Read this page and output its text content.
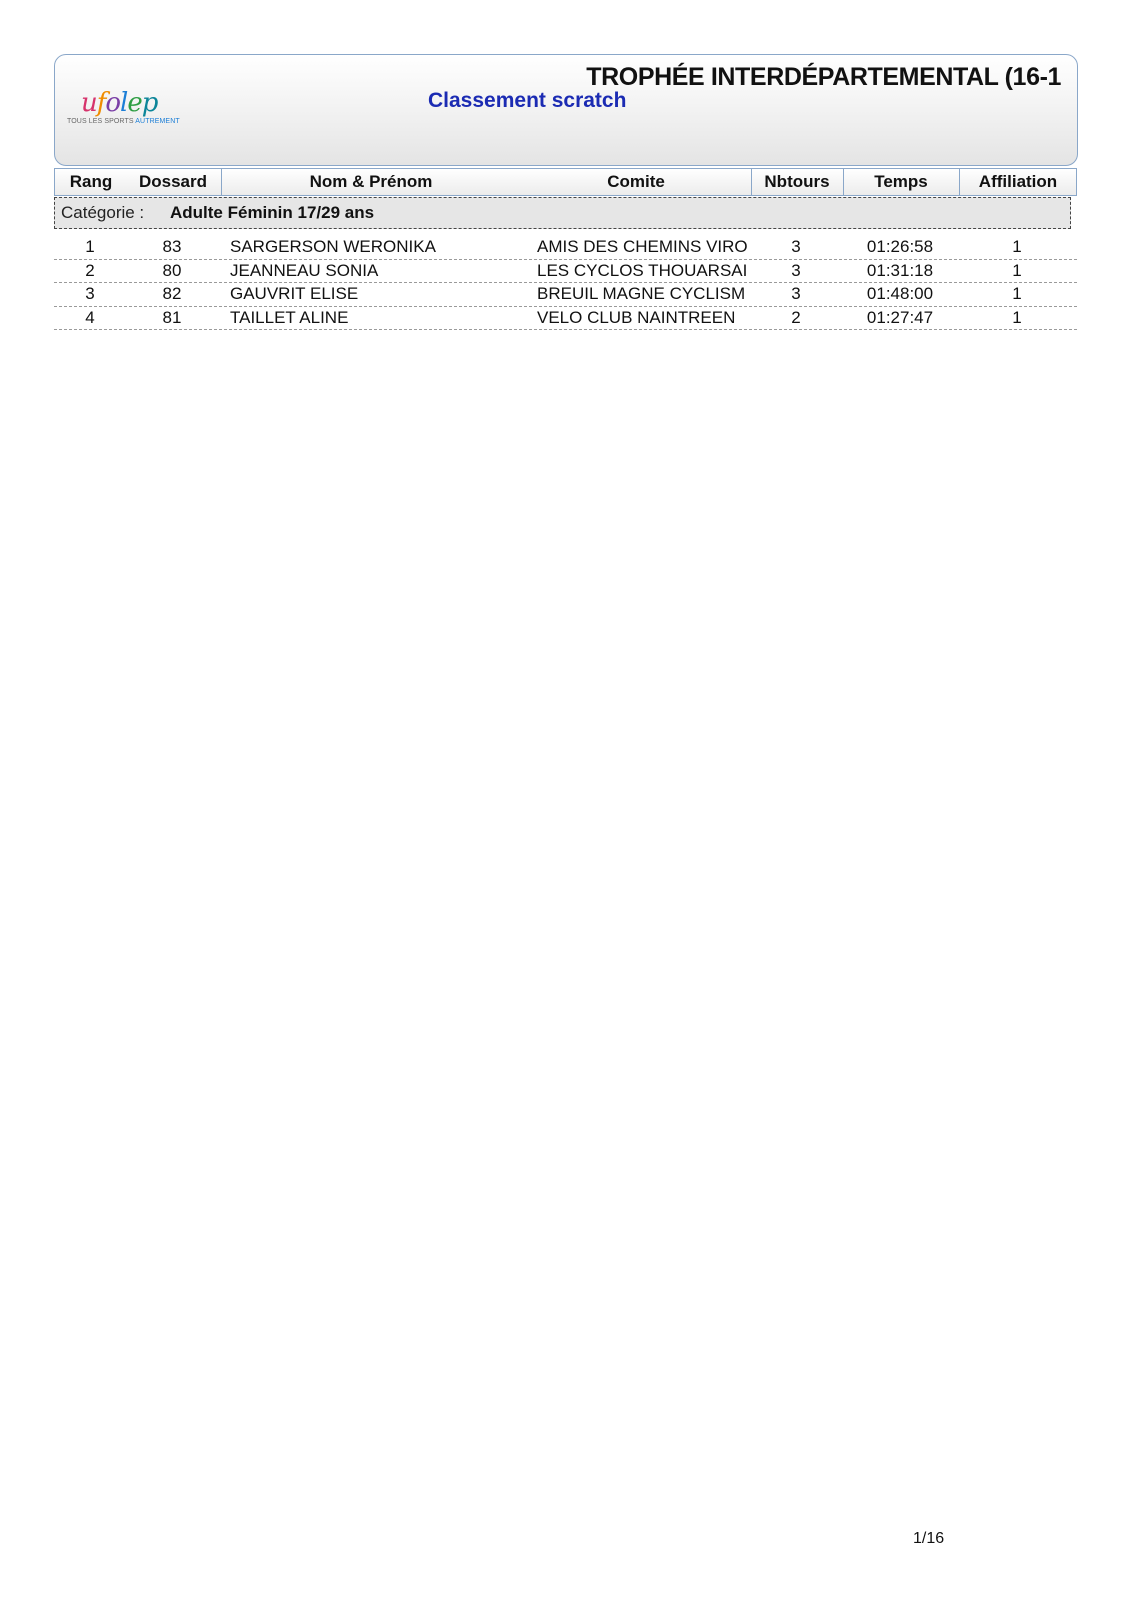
ufolep
TOUS LES SPORTS AUTREMENT
TROPHÉE INTERDÉPARTEMENTAL (16-1
Classement scratch
Rang	Dossard	Nom & Prénom	Comite	Nbtours	Temps	Affiliation
Catégorie : Adulte Féminin 17/29 ans
1	83	SARGERSON WERONIKA	AMIS DES CHEMINS VIRO	3	01:26:58	1
2	80	JEANNEAU SONIA	LES CYCLOS THOUARSAI	3	01:31:18	1
3	82	GAUVRIT ELISE	BREUIL MAGNE CYCLISM	3	01:48:00	1
4	81	TAILLET ALINE	VELO CLUB NAINTREEN	2	01:27:47	1
1/16
